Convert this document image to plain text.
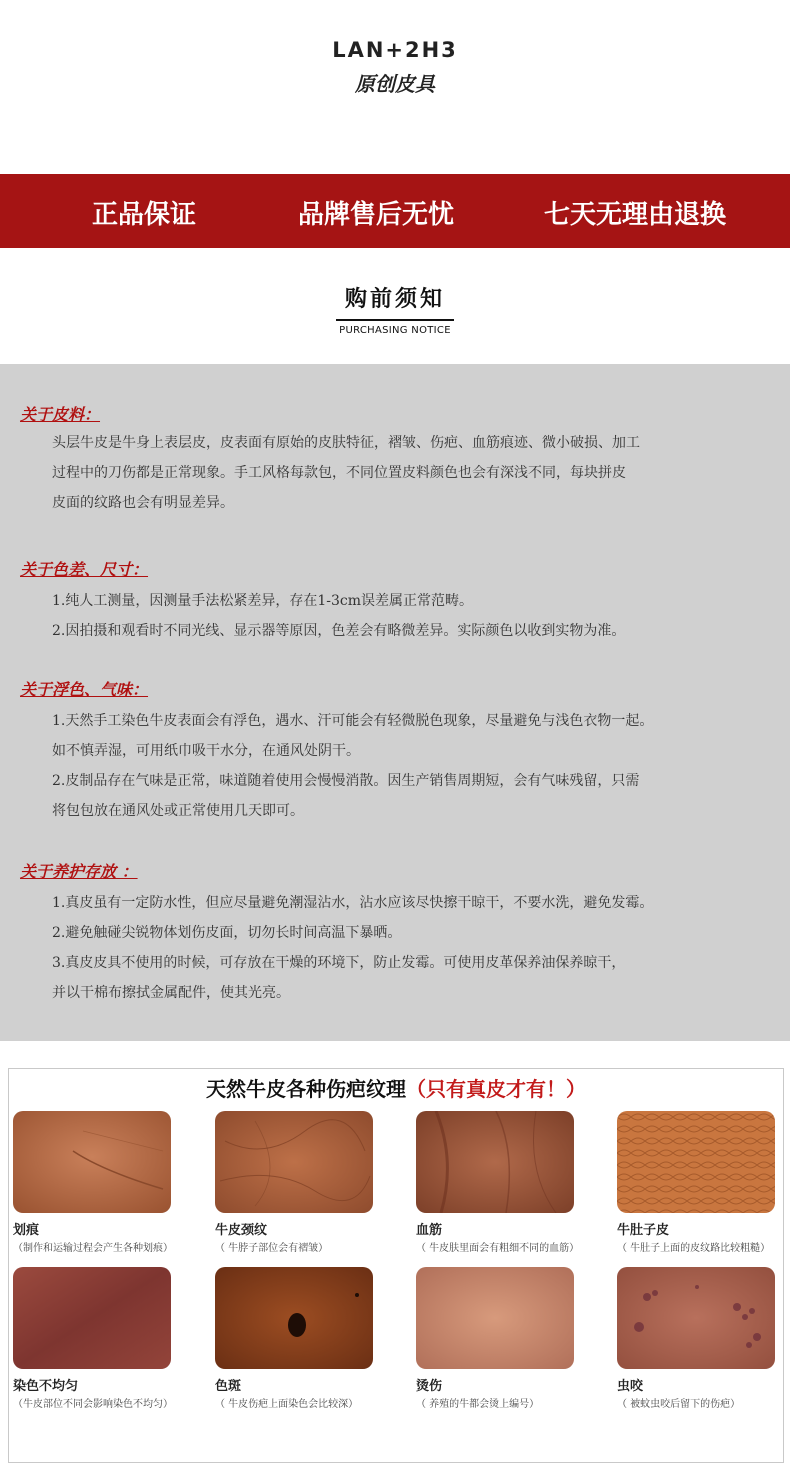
LAN+2H3
原创皮具
正品保证	品牌售后无忧	七天无理由退换
购前须知
PURCHASING NOTICE
关于皮料：
头层牛皮是牛身上表层皮，皮表面有原始的皮肤特征，褶皱、伤疤、血筋痕迹、微小破损、加工
过程中的刀伤都是正常现象。手工风格每款包，不同位置皮料颜色也会有深浅不同，每块拼皮
皮面的纹路也会有明显差异。
关于色差、尺寸：
1.纯人工测量，因测量手法松紧差异，存在1-3cm误差属正常范畴。
2.因拍摄和观看时不同光线、显示器等原因，色差会有略微差异。实际颜色以收到实物为准。
关于浮色、气味：
1.天然手工染色牛皮表面会有浮色，遇水、汗可能会有轻微脱色现象，尽量避免与浅色衣物一起。
如不慎弄湿，可用纸巾吸干水分，在通风处阴干。
2.皮制品存在气味是正常，味道随着使用会慢慢消散。因生产销售周期短，会有气味残留，只需
将包包放在通风处或正常使用几天即可。
关于养护存放 ：
1.真皮虽有一定防水性，但应尽量避免潮湿沾水，沾水应该尽快擦干晾干，不要水洗，避免发霉。
2.避免触碰尖锐物体划伤皮面，切勿长时间高温下暴晒。
3.真皮皮具不使用的时候，可存放在干燥的环境下，防止发霉。可使用皮革保养油保养晾干，
并以干棉布擦拭金属配件，使其光亮。
天然牛皮各种伤疤纹理（只有真皮才有！）
划痕
（制作和运输过程会产生各种划痕）
牛皮颈纹
（ 牛脖子部位会有褶皱）
血筋
（ 牛皮肤里面会有粗细不同的血筋）
牛肚子皮
（ 牛肚子上面的皮纹路比较粗糙）
染色不均匀
（牛皮部位不同会影响染色不均匀）
色斑
（ 牛皮伤疤上面染色会比较深）
烫伤
（ 养殖的牛都会烫上编号）
虫咬
（ 被蚊虫咬后留下的伤疤）
